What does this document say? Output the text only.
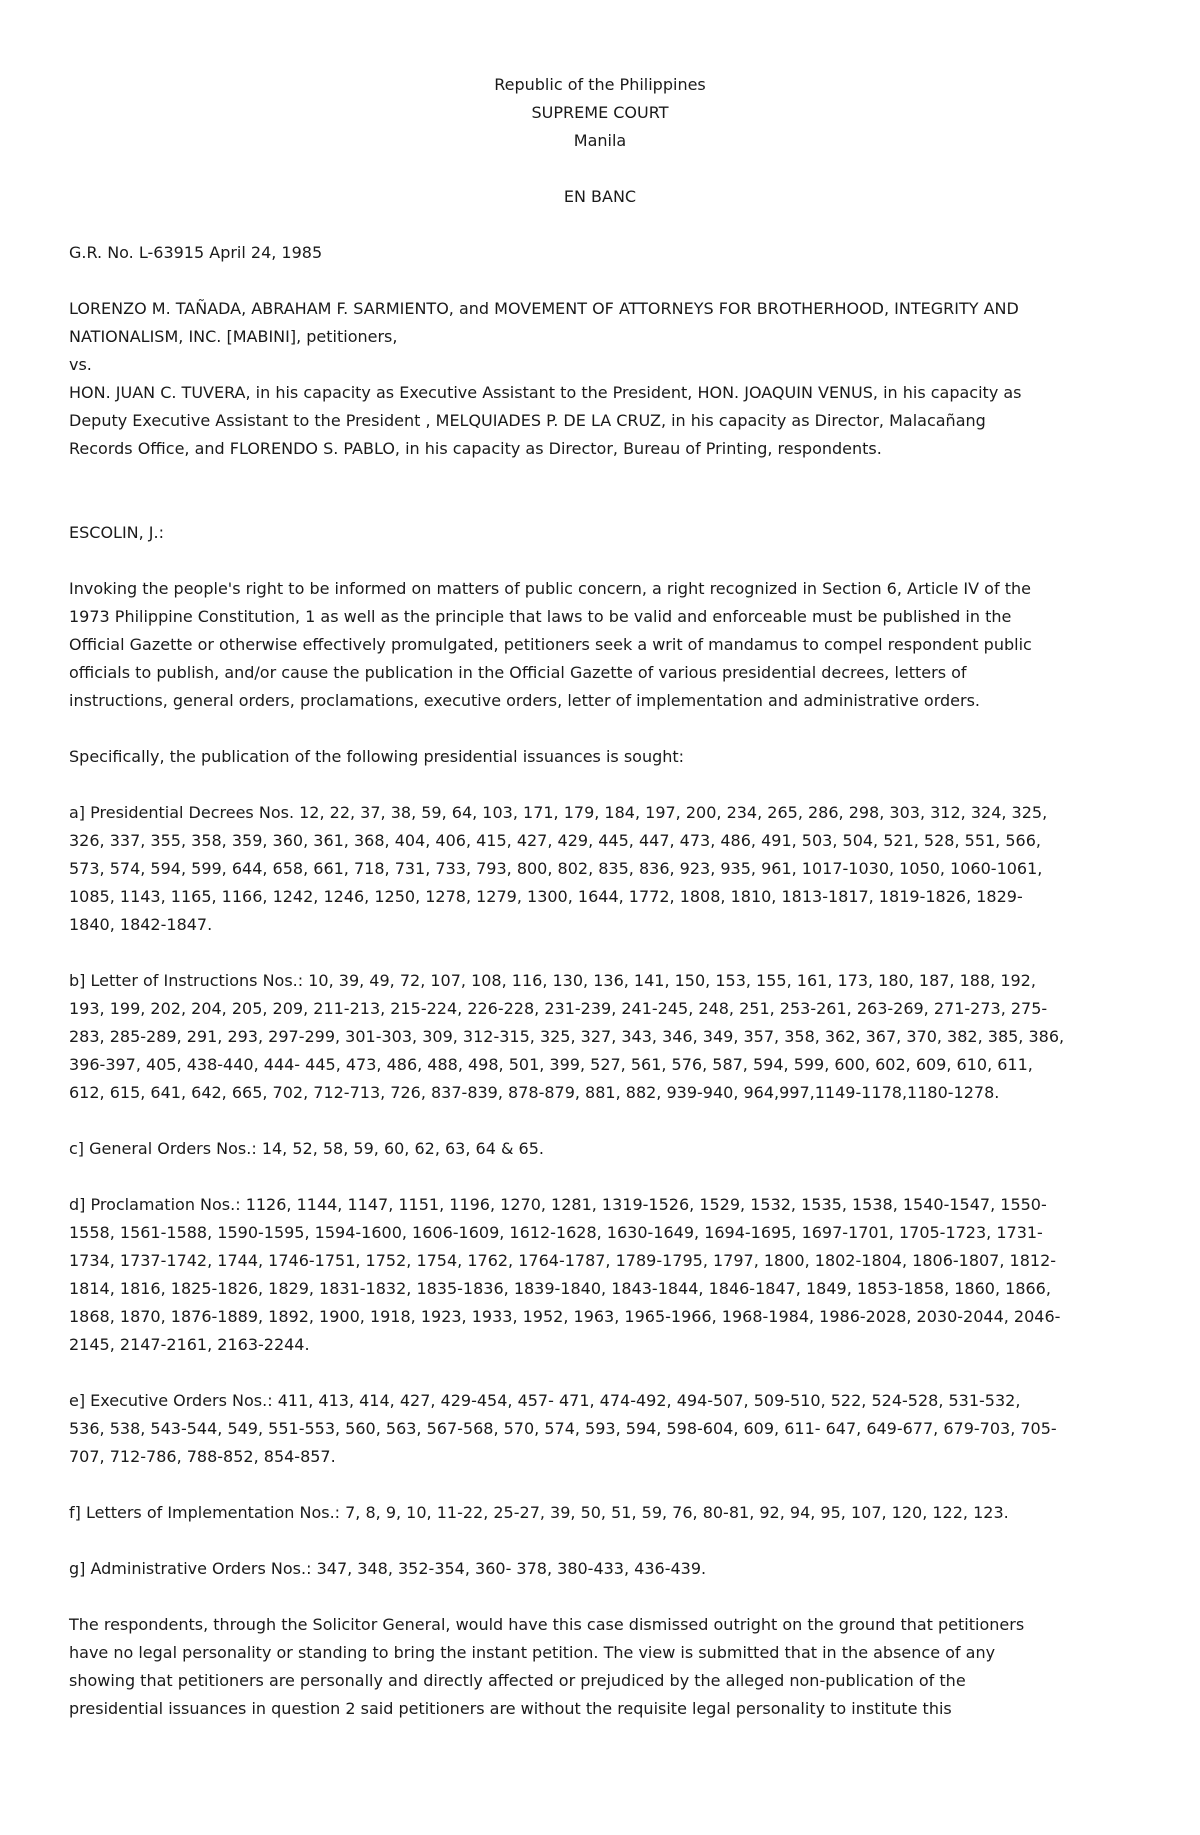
Republic of the Philippines
SUPREME COURT
Manila
EN BANC
G.R. No. L-63915 April 24, 1985
LORENZO M. TAÑADA, ABRAHAM F. SARMIENTO, and MOVEMENT OF ATTORNEYS FOR BROTHERHOOD, INTEGRITY AND
NATIONALISM, INC. [MABINI], petitioners,
vs.
HON. JUAN C. TUVERA, in his capacity as Executive Assistant to the President, HON. JOAQUIN VENUS, in his capacity as
Deputy Executive Assistant to the President , MELQUIADES P. DE LA CRUZ, in his capacity as Director, Malacañang
Records Office, and FLORENDO S. PABLO, in his capacity as Director, Bureau of Printing, respondents.
ESCOLIN, J.:
Invoking the people's right to be informed on matters of public concern, a right recognized in Section 6, Article IV of the
1973 Philippine Constitution, 1 as well as the principle that laws to be valid and enforceable must be published in the
Official Gazette or otherwise effectively promulgated, petitioners seek a writ of mandamus to compel respondent public
officials to publish, and/or cause the publication in the Official Gazette of various presidential decrees, letters of
instructions, general orders, proclamations, executive orders, letter of implementation and administrative orders.
Specifically, the publication of the following presidential issuances is sought:
a] Presidential Decrees Nos. 12, 22, 37, 38, 59, 64, 103, 171, 179, 184, 197, 200, 234, 265, 286, 298, 303, 312, 324, 325,
326, 337, 355, 358, 359, 360, 361, 368, 404, 406, 415, 427, 429, 445, 447, 473, 486, 491, 503, 504, 521, 528, 551, 566,
573, 574, 594, 599, 644, 658, 661, 718, 731, 733, 793, 800, 802, 835, 836, 923, 935, 961, 1017-1030, 1050, 1060-1061,
1085, 1143, 1165, 1166, 1242, 1246, 1250, 1278, 1279, 1300, 1644, 1772, 1808, 1810, 1813-1817, 1819-1826, 1829-
1840, 1842-1847.
b] Letter of Instructions Nos.: 10, 39, 49, 72, 107, 108, 116, 130, 136, 141, 150, 153, 155, 161, 173, 180, 187, 188, 192,
193, 199, 202, 204, 205, 209, 211-213, 215-224, 226-228, 231-239, 241-245, 248, 251, 253-261, 263-269, 271-273, 275-
283, 285-289, 291, 293, 297-299, 301-303, 309, 312-315, 325, 327, 343, 346, 349, 357, 358, 362, 367, 370, 382, 385, 386,
396-397, 405, 438-440, 444- 445, 473, 486, 488, 498, 501, 399, 527, 561, 576, 587, 594, 599, 600, 602, 609, 610, 611,
612, 615, 641, 642, 665, 702, 712-713, 726, 837-839, 878-879, 881, 882, 939-940, 964,997,1149-1178,1180-1278.
c] General Orders Nos.: 14, 52, 58, 59, 60, 62, 63, 64 & 65.
d] Proclamation Nos.: 1126, 1144, 1147, 1151, 1196, 1270, 1281, 1319-1526, 1529, 1532, 1535, 1538, 1540-1547, 1550-
1558, 1561-1588, 1590-1595, 1594-1600, 1606-1609, 1612-1628, 1630-1649, 1694-1695, 1697-1701, 1705-1723, 1731-
1734, 1737-1742, 1744, 1746-1751, 1752, 1754, 1762, 1764-1787, 1789-1795, 1797, 1800, 1802-1804, 1806-1807, 1812-
1814, 1816, 1825-1826, 1829, 1831-1832, 1835-1836, 1839-1840, 1843-1844, 1846-1847, 1849, 1853-1858, 1860, 1866,
1868, 1870, 1876-1889, 1892, 1900, 1918, 1923, 1933, 1952, 1963, 1965-1966, 1968-1984, 1986-2028, 2030-2044, 2046-
2145, 2147-2161, 2163-2244.
e] Executive Orders Nos.: 411, 413, 414, 427, 429-454, 457- 471, 474-492, 494-507, 509-510, 522, 524-528, 531-532,
536, 538, 543-544, 549, 551-553, 560, 563, 567-568, 570, 574, 593, 594, 598-604, 609, 611- 647, 649-677, 679-703, 705-
707, 712-786, 788-852, 854-857.
f] Letters of Implementation Nos.: 7, 8, 9, 10, 11-22, 25-27, 39, 50, 51, 59, 76, 80-81, 92, 94, 95, 107, 120, 122, 123.
g] Administrative Orders Nos.: 347, 348, 352-354, 360- 378, 380-433, 436-439.
The respondents, through the Solicitor General, would have this case dismissed outright on the ground that petitioners
have no legal personality or standing to bring the instant petition. The view is submitted that in the absence of any
showing that petitioners are personally and directly affected or prejudiced by the alleged non-publication of the
presidential issuances in question 2 said petitioners are without the requisite legal personality to institute this
